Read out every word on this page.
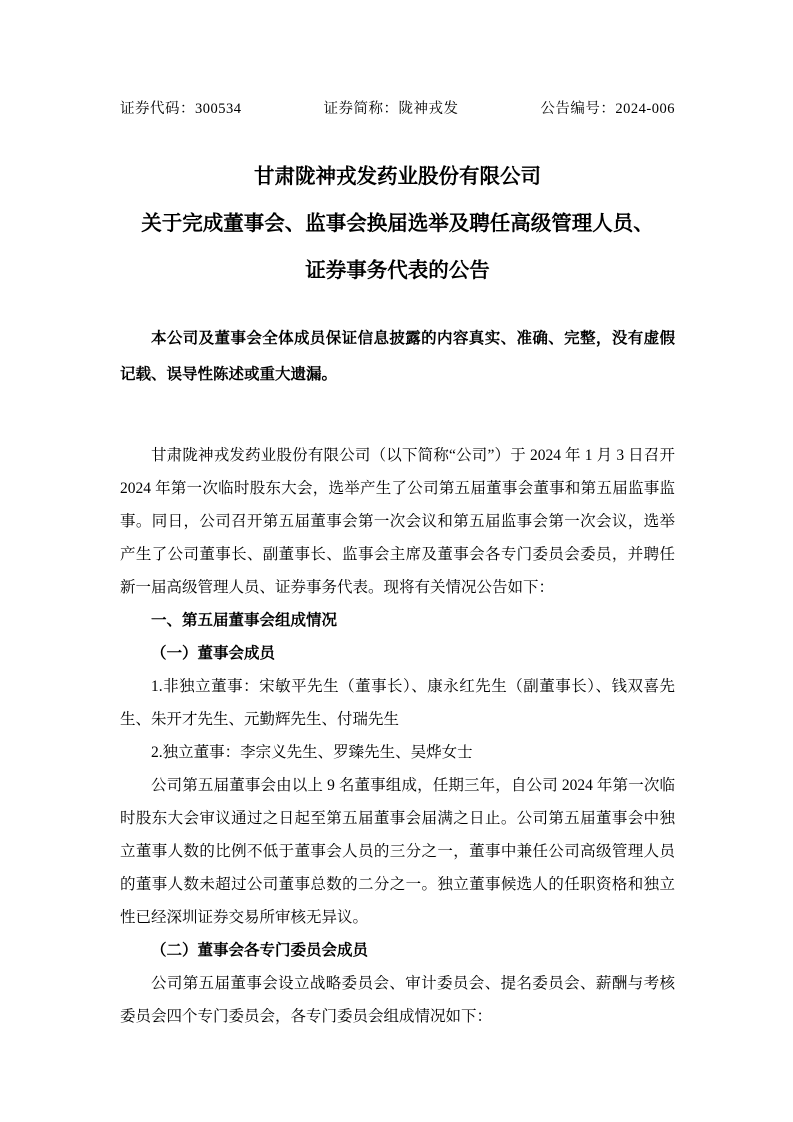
证券代码：300534	证券简称：陇神戎发	公告编号：2024-006
甘肃陇神戎发药业股份有限公司
关于完成董事会、监事会换届选举及聘任高级管理人员、
证券事务代表的公告

本公司及董事会全体成员保证信息披露的内容真实、准确、完整，没有虚假记载、误导性陈述或重大遗漏。

甘肃陇神戎发药业股份有限公司（以下简称“公司”）于 2024 年 1 月 3 日召开 2024 年第一次临时股东大会，选举产生了公司第五届董事会董事和第五届监事监事。同日，公司召开第五届董事会第一次会议和第五届监事会第一次会议，选举产生了公司董事长、副董事长、监事会主席及董事会各专门委员会委员，并聘任新一届高级管理人员、证券事务代表。现将有关情况公告如下：

一、第五届董事会组成情况

（一）董事会成员

1.非独立董事：宋敏平先生（董事长）、康永红先生（副董事长）、钱双喜先生、朱开才先生、元勤辉先生、付瑞先生

2.独立董事：李宗义先生、罗臻先生、吴烨女士

公司第五届董事会由以上 9 名董事组成，任期三年，自公司 2024 年第一次临时股东大会审议通过之日起至第五届董事会届满之日止。公司第五届董事会中独立董事人数的比例不低于董事会人员的三分之一，董事中兼任公司高级管理人员的董事人数未超过公司董事总数的二分之一。独立董事候选人的任职资格和独立性已经深圳证券交易所审核无异议。

（二）董事会各专门委员会成员

公司第五届董事会设立战略委员会、审计委员会、提名委员会、薪酬与考核委员会四个专门委员会，各专门委员会组成情况如下：
